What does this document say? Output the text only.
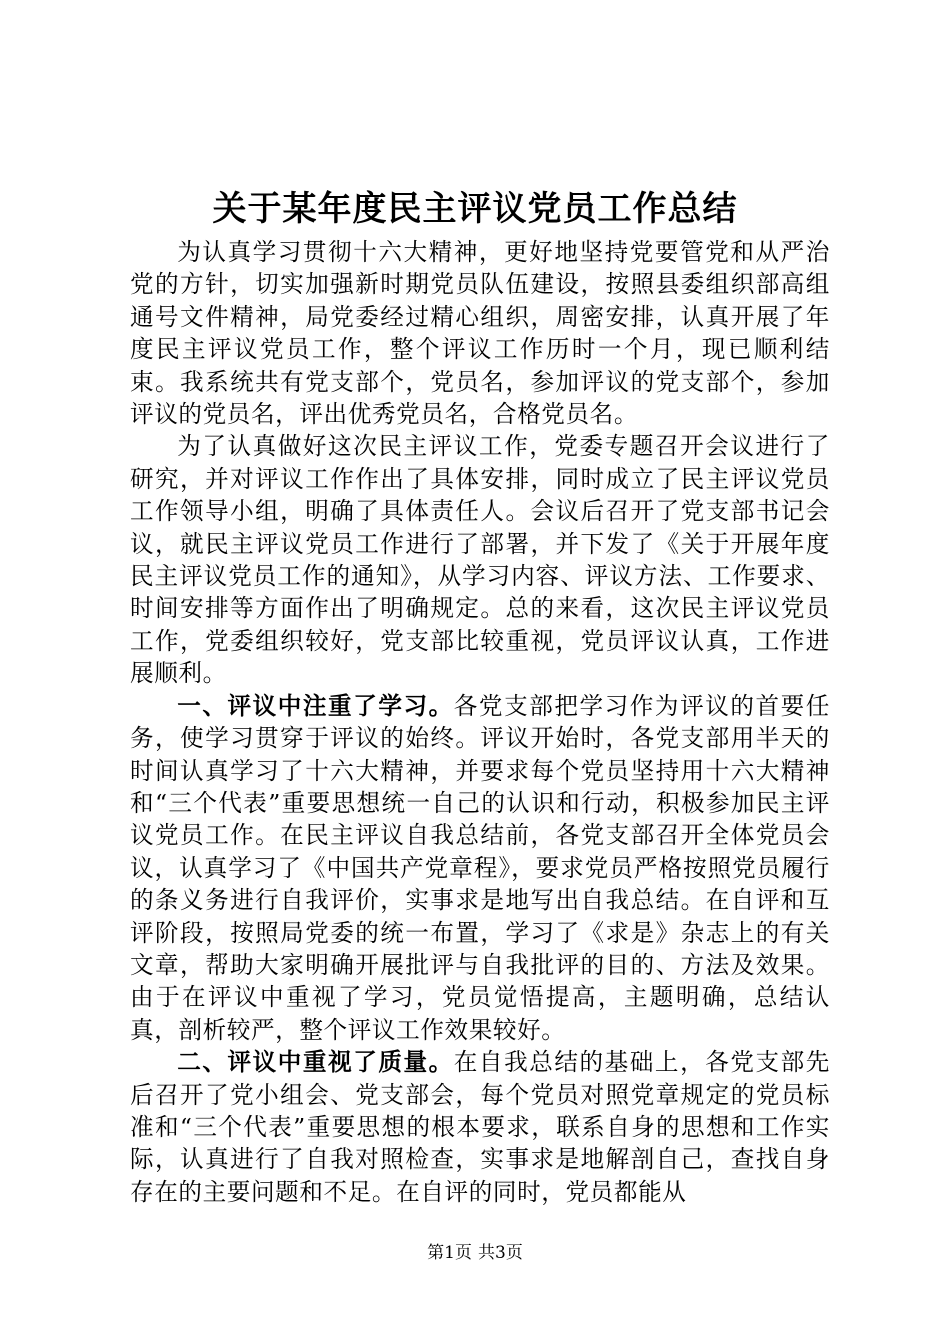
关于某年度民主评议党员工作总结

为认真学习贯彻十六大精神，更好地坚持党要管党和从严治党的方针，切实加强新时期党员队伍建设，按照县委组织部高组通号文件精神，局党委经过精心组织，周密安排，认真开展了年度民主评议党员工作，整个评议工作历时一个月，现已顺利结束。我系统共有党支部个，党员名，参加评议的党支部个，参加评议的党员名，评出优秀党员名，合格党员名。

为了认真做好这次民主评议工作，党委专题召开会议进行了研究，并对评议工作作出了具体安排，同时成立了民主评议党员工作领导小组，明确了具体责任人。会议后召开了党支部书记会议，就民主评议党员工作进行了部署，并下发了《关于开展年度民主评议党员工作的通知》，从学习内容、评议方法、工作要求、时间安排等方面作出了明确规定。总的来看，这次民主评议党员工作，党委组织较好，党支部比较重视，党员评议认真，工作进展顺利。

一、评议中注重了学习。各党支部把学习作为评议的首要任务，使学习贯穿于评议的始终。评议开始时，各党支部用半天的时间认真学习了十六大精神，并要求每个党员坚持用十六大精神和“三个代表”重要思想统一自己的认识和行动，积极参加民主评议党员工作。在民主评议自我总结前，各党支部召开全体党员会议，认真学习了《中国共产党章程》，要求党员严格按照党员履行的条义务进行自我评价，实事求是地写出自我总结。在自评和互评阶段，按照局党委的统一布置，学习了《求是》杂志上的有关文章，帮助大家明确开展批评与自我批评的目的、方法及效果。由于在评议中重视了学习，党员觉悟提高，主题明确，总结认真，剖析较严，整个评议工作效果较好。

二、评议中重视了质量。在自我总结的基础上，各党支部先后召开了党小组会、党支部会，每个党员对照党章规定的党员标准和“三个代表”重要思想的根本要求，联系自身的思想和工作实际，认真进行了自我对照检查，实事求是地解剖自己，查找自身存在的主要问题和不足。在自评的同时，党员都能从

第1页 共3页
